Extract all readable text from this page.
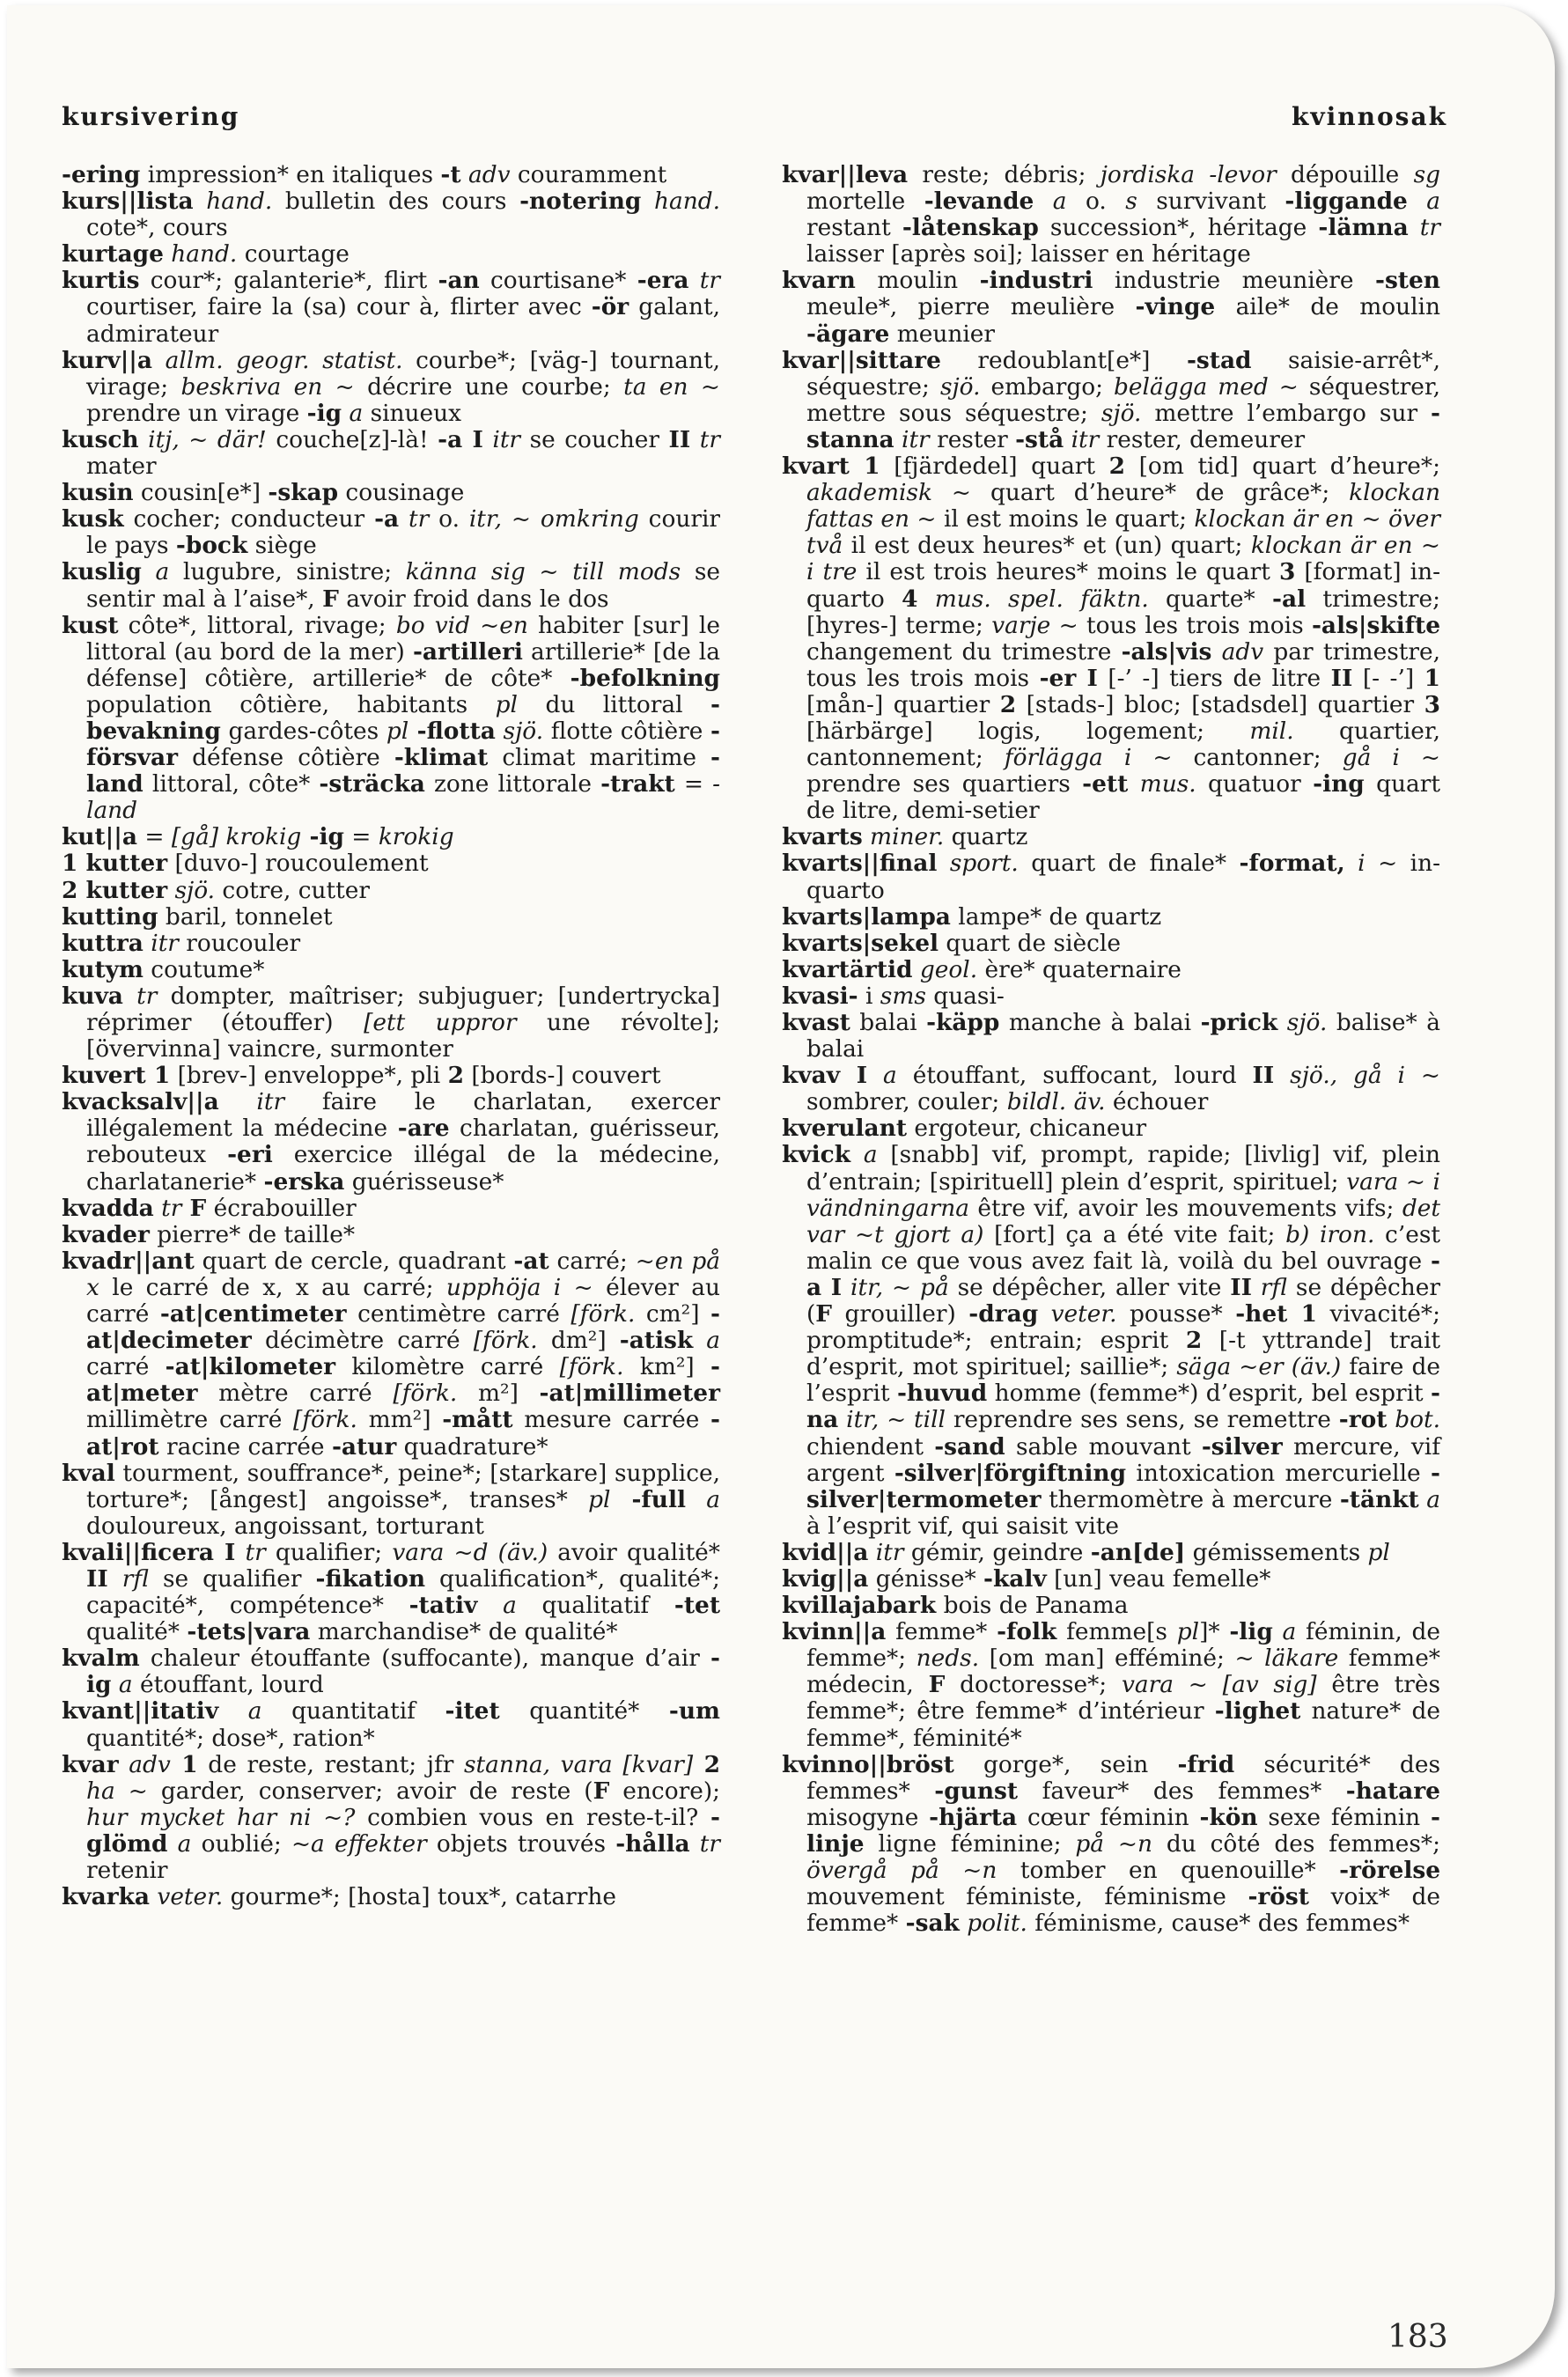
kursivering	kvinnosak

-ering impression* en italiques -t adv couramment

kurs||lista hand. bulletin des cours -notering hand. cote*, cours

kurtage hand. courtage

kurtis cour*; galanterie*, flirt -an courtisane* -era tr courtiser, faire la (sa) cour à, flirter avec -ör galant, admirateur

kurv||a allm. geogr. statist. courbe*; [väg-] tournant, virage; beskriva en ~ décrire une courbe; ta en ~ prendre un virage -ig a sinueux

kusch itj, ~ där! couche[z]-là! -a I itr se coucher II tr mater

kusin cousin[e*] -skap cousinage

kusk cocher; conducteur -a tr o. itr, ~ omkring courir le pays -bock siège

kuslig a lugubre, sinistre; känna sig ~ till mods se sentir mal à l’aise*, F avoir froid dans le dos

kust côte*, littoral, rivage; bo vid ~en habiter [sur] le littoral (au bord de la mer) -artilleri artillerie* [de la défense] côtière, artillerie* de côte* -befolkning population côtière, habitants pl du littoral -bevakning gardes-côtes pl -flotta sjö. flotte côtière -försvar défense côtière -klimat climat maritime -land littoral, côte* -sträcka zone littorale -trakt = -land

kut||a = [gå] krokig -ig = krokig

1 kutter [duvo-] roucoulement

2 kutter sjö. cotre, cutter

kutting baril, tonnelet

kuttra itr roucouler

kutym coutume*

kuva tr dompter, maîtriser; subjuguer; [undertrycka] réprimer (étouffer) [ett uppror une révolte]; [övervinna] vaincre, surmonter

kuvert 1 [brev-] enveloppe*, pli 2 [bords-] couvert

kvacksalv||a itr faire le charlatan, exercer illégalement la médecine -are charlatan, guérisseur, rebouteux -eri exercice illégal de la médecine, charlatanerie* -erska guérisseuse*

kvadda tr F écrabouiller

kvader pierre* de taille*

kvadr||ant quart de cercle, quadrant -at carré; ~en på x le carré de x, x au carré; upphöja i ~ élever au carré -at|centimeter centimètre carré [förk. cm²] -at|decimeter décimètre carré [förk. dm²] -atisk a carré -at|kilometer kilomètre carré [förk. km²] -at|meter mètre carré [förk. m²] -at|millimeter millimètre carré [förk. mm²] -mått mesure carrée -at|rot racine carrée -atur quadrature*

kval tourment, souffrance*, peine*; [starkare] supplice, torture*; [ångest] angoisse*, transes* pl -full a douloureux, angoissant, torturant

kvali||ficera I tr qualifier; vara ~d (äv.) avoir qualité* II rfl se qualifier -fikation qualification*, qualité*; capacité*, compétence* -tativ a qualitatif -tet qualité* -tets|vara marchandise* de qualité*

kvalm chaleur étouffante (suffocante), manque d’air -ig a étouffant, lourd

kvant||itativ a quantitatif -itet quantité* -um quantité*; dose*, ration*

kvar adv 1 de reste, restant; jfr stanna, vara [kvar] 2 ha ~ garder, conserver; avoir de reste (F encore); hur mycket har ni ~? combien vous en reste-t-il? -glömd a oublié; ~a effekter objets trouvés -hålla tr retenir

kvarka veter. gourme*; [hosta] toux*, catarrhe

kvar||leva reste; débris; jordiska -levor dépouille sg mortelle -levande a o. s survivant -liggande a restant -låtenskap succession*, héritage -lämna tr laisser [après soi]; laisser en héritage

kvarn moulin -industri industrie meunière -sten meule*, pierre meulière -vinge aile* de moulin -ägare meunier

kvar||sittare redoublant[e*] -stad saisie-arrêt*, séquestre; sjö. embargo; belägga med ~ séquestrer, mettre sous séquestre; sjö. mettre l’embargo sur -stanna itr rester -stå itr rester, demeurer

kvart 1 [fjärdedel] quart 2 [om tid] quart d’heure*; akademisk ~ quart d’heure* de grâce*; klockan fattas en ~ il est moins le quart; klockan är en ~ över två il est deux heures* et (un) quart; klockan är en ~ i tre il est trois heures* moins le quart 3 [format] in-quarto 4 mus. spel. fäktn. quarte* -al trimestre; [hyres-] terme; varje ~ tous les trois mois -als|skifte changement du trimestre -als|vis adv par trimestre, tous les trois mois -er I [-’ -] tiers de litre II [- -’] 1 [mån-] quartier 2 [stads-] bloc; [stadsdel] quartier 3 [härbärge] logis, logement; mil. quartier, cantonnement; förlägga i ~ cantonner; gå i ~ prendre ses quartiers -ett mus. quatuor -ing quart de litre, demi-setier

kvarts miner. quartz

kvarts||final sport. quart de finale* -format, i ~ in-quarto

kvarts|lampa lampe* de quartz

kvarts|sekel quart de siècle

kvartärtid geol. ère* quaternaire

kvasi- i sms quasi-

kvast balai -käpp manche à balai -prick sjö. balise* à balai

kvav I a étouffant, suffocant, lourd II sjö., gå i ~ sombrer, couler; bildl. äv. échouer

kverulant ergoteur, chicaneur

kvick a [snabb] vif, prompt, rapide; [livlig] vif, plein d’entrain; [spirituell] plein d’esprit, spirituel; vara ~ i vändningarna être vif, avoir les mouvements vifs; det var ~t gjort a) [fort] ça a été vite fait; b) iron. c’est malin ce que vous avez fait là, voilà du bel ouvrage -a I itr, ~ på se dépêcher, aller vite II rfl se dépêcher (F grouiller) -drag veter. pousse* -het 1 vivacité*; promptitude*; entrain; esprit 2 [-t yttrande] trait d’esprit, mot spirituel; saillie*; säga ~er (äv.) faire de l’esprit -huvud homme (femme*) d’esprit, bel esprit -na itr, ~ till reprendre ses sens, se remettre -rot bot. chiendent -sand sable mouvant -silver mercure, vif argent -silver|förgiftning intoxication mercurielle -silver|termometer thermomètre à mercure -tänkt a à l’esprit vif, qui saisit vite

kvid||a itr gémir, geindre -an[de] gémissements pl

kvig||a génisse* -kalv [un] veau femelle*

kvillajabark bois de Panama

kvinn||a femme* -folk femme[s pl]* -lig a féminin, de femme*; neds. [om man] efféminé; ~ läkare femme* médecin, F doctoresse*; vara ~ [av sig] être très femme*; être femme* d’intérieur -lighet nature* de femme*, féminité*

kvinno||bröst gorge*, sein -frid sécurité* des femmes* -gunst faveur* des femmes* -hatare misogyne -hjärta cœur féminin -kön sexe féminin -linje ligne féminine; på ~n du côté des femmes*; övergå på ~n tomber en quenouille* -rörelse mouvement féministe, féminisme -röst voix* de femme* -sak polit. féminisme, cause* des femmes*

183
